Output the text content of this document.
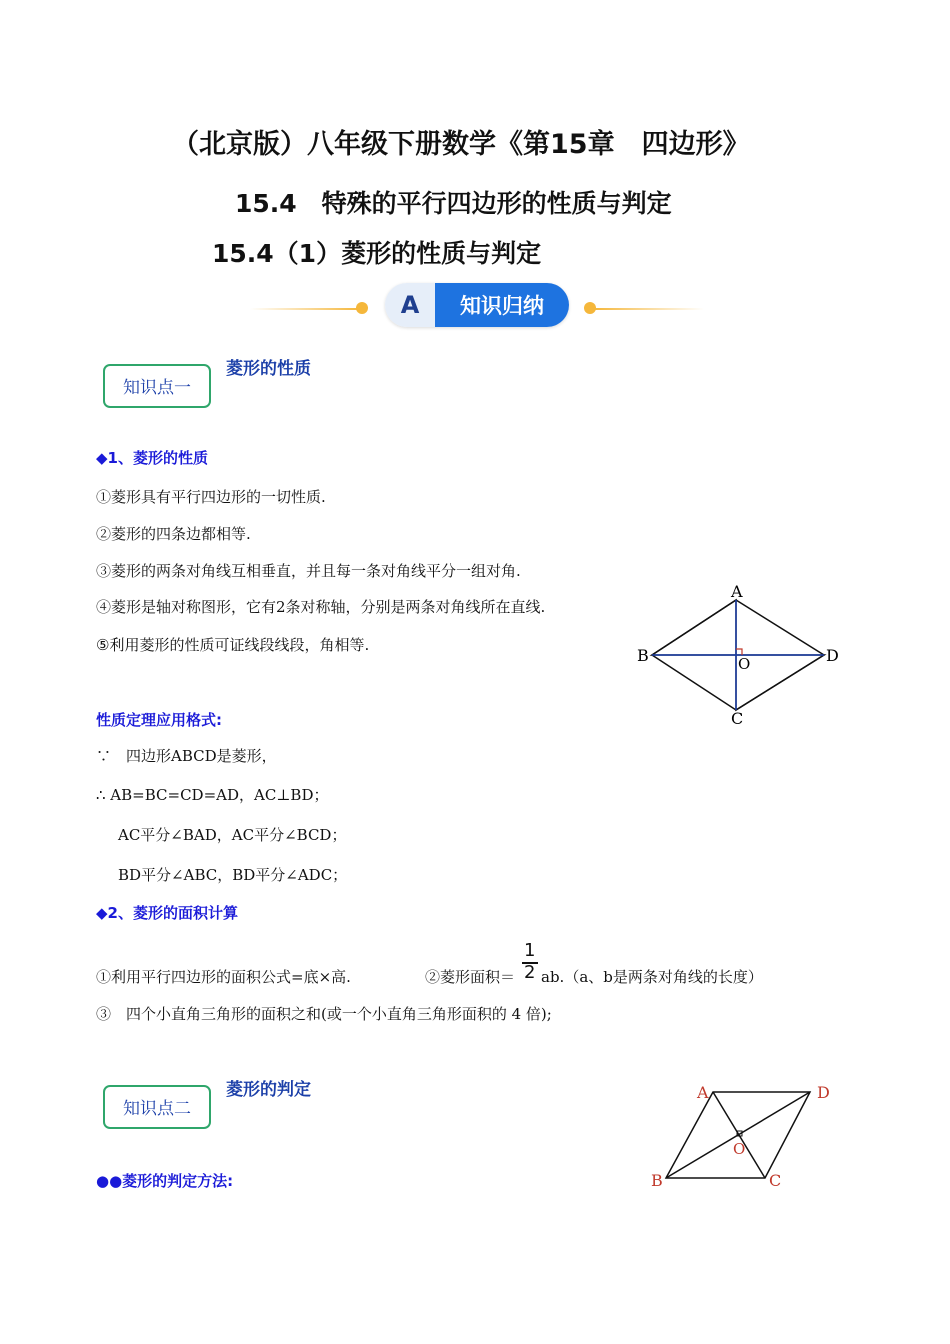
（北京版）八年级下册数学《第15章　四边形》
15.4　特殊的平行四边形的性质与判定
15.4（1）菱形的性质与判定
A	知识归纳
知识点一
菱形的性质
◆1、菱形的性质
①菱形具有平行四边形的一切性质.
②菱形的四条边都相等.
③菱形的两条对角线互相垂直，并且每一条对角线平分一组对角.
④菱形是轴对称图形，它有2条对称轴，分别是两条对角线所在直线.
⑤利用菱形的性质可证线段线段，角相等.
A
B
C
D
O
性质定理应用格式:
∵　四边形ABCD是菱形，
∴ AB=BC=CD=AD，AC⊥BD；
AC平分∠BAD，AC平分∠BCD；
BD平分∠ABC，BD平分∠ADC；
◆2、菱形的面积计算
①利用平行四边形的面积公式=底×高.	②菱形面积＝
1
2 ab.（a、b是两条对角线的长度）
③　四个小直角三角形的面积之和(或一个小直角三角形面积的 4 倍);
知识点二
菱形的判定
●●菱形的判定方法:
A
B	C
D
O
